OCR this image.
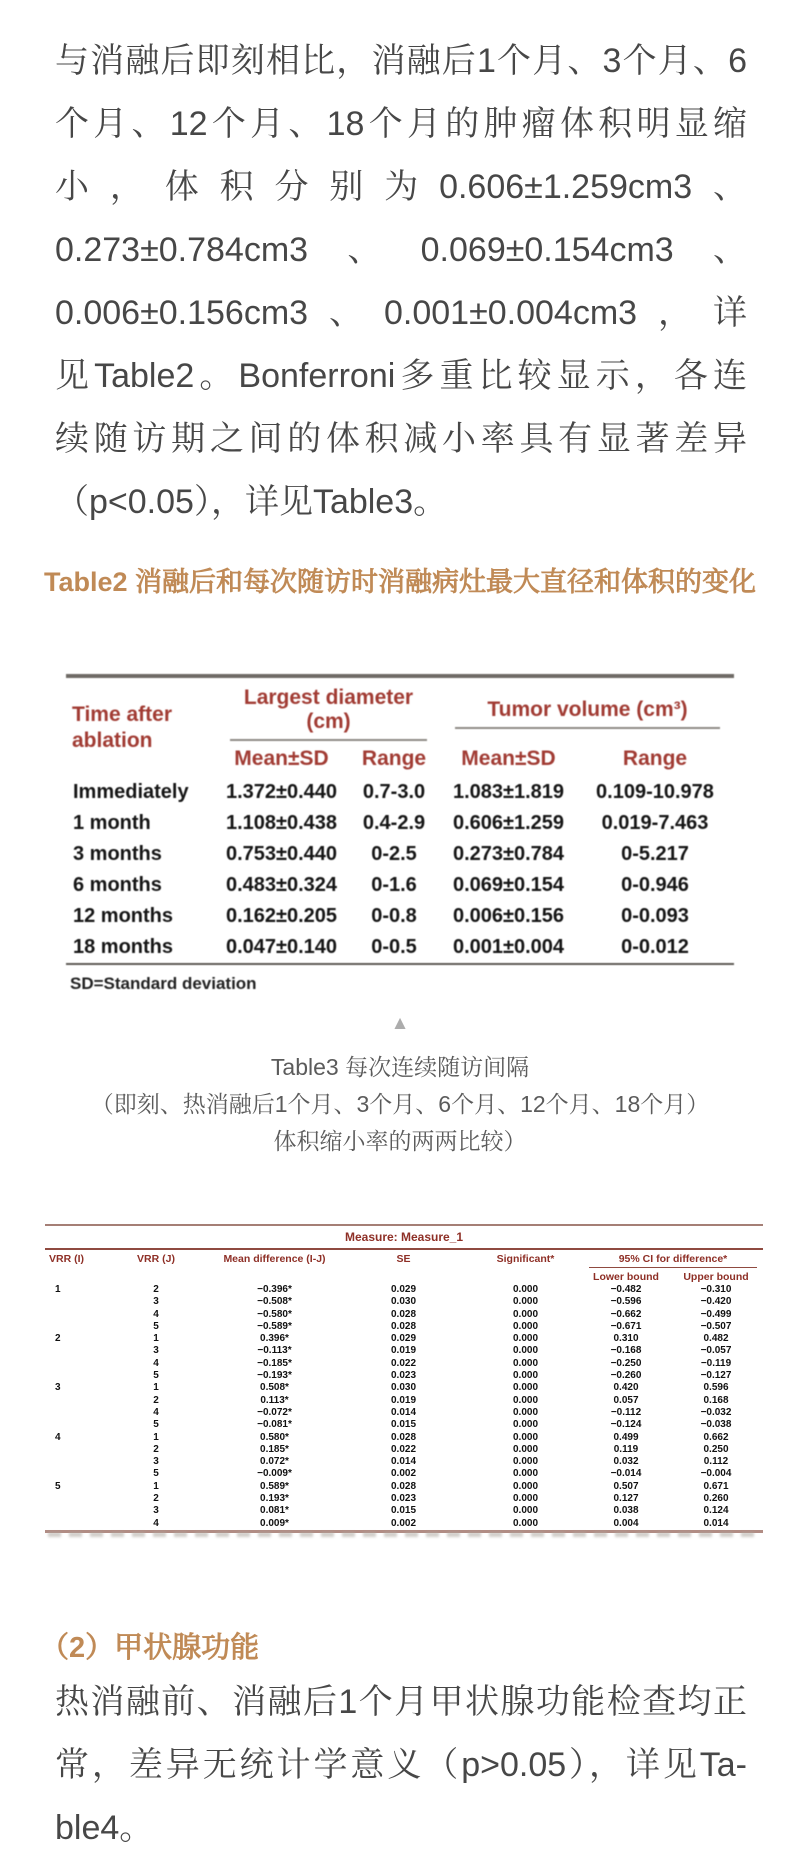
与消融后即刻相比，消融后1个月、3个月、6
个月、12个月、18个月的肿瘤体积明显缩
小，体积分别为0.606±1.259cm3、
0.273±0.784cm3、0.069±0.154cm3、
0.006±0.156cm3、0.001±0.004cm3，详
见Table2。Bonferroni多重比较显示，各连
续随访期之间的体积减小率具有显著差异
（p<0.05），详见Table3。
Table2 消融后和每次随访时消融病灶最大直径和体积的变化
Time after ablation	Largest diameter (cm)		Tumor volume (cm³)	

	Mean±SD	Range	Mean±SD	Range
Immediately	1.372±0.440	0.7-3.0	1.083±1.819	0.109-10.978
1 month	1.108±0.438	0.4-2.9	0.606±1.259	0.019-7.463
3 months	0.753±0.440	0-2.5	0.273±0.784	0-5.217
6 months	0.483±0.324	0-1.6	0.069±0.154	0-0.946
12 months	0.162±0.205	0-0.8	0.006±0.156	0-0.093
18 months	0.047±0.140	0-0.5	0.001±0.004	0-0.012
SD=Standard deviation
▲
Table3 每次连续随访间隔
（即刻、热消融后1个月、3个月、6个月、12个月、18个月）
体积缩小率的两两比较）
Measure: Measure_1						
VRR (I)	VRR (J)	Mean difference (I-J)	SE	Significant*	95% CI for difference*	

					Lower bound	Upper bound
1	2	−0.396*	0.029	0.000	−0.482	−0.310
	3	−0.508*	0.030	0.000	−0.596	−0.420
	4	−0.580*	0.028	0.000	−0.662	−0.499
	5	−0.589*	0.028	0.000	−0.671	−0.507
2	1	0.396*	0.029	0.000	0.310	0.482
	3	−0.113*	0.019	0.000	−0.168	−0.057
	4	−0.185*	0.022	0.000	−0.250	−0.119
	5	−0.193*	0.023	0.000	−0.260	−0.127
3	1	0.508*	0.030	0.000	0.420	0.596
	2	0.113*	0.019	0.000	0.057	0.168
	4	−0.072*	0.014	0.000	−0.112	−0.032
	5	−0.081*	0.015	0.000	−0.124	−0.038
4	1	0.580*	0.028	0.000	0.499	0.662
	2	0.185*	0.022	0.000	0.119	0.250
	3	0.072*	0.014	0.000	0.032	0.112
	5	−0.009*	0.002	0.000	−0.014	−0.004
5	1	0.589*	0.028	0.000	0.507	0.671
	2	0.193*	0.023	0.000	0.127	0.260
	3	0.081*	0.015	0.000	0.038	0.124
	4	0.009*	0.002	0.000	0.004	0.014
（2）甲状腺功能
热消融前、消融后1个月甲状腺功能检查均正
常，差异无统计学意义（p>0.05），详见Ta-
ble4。
